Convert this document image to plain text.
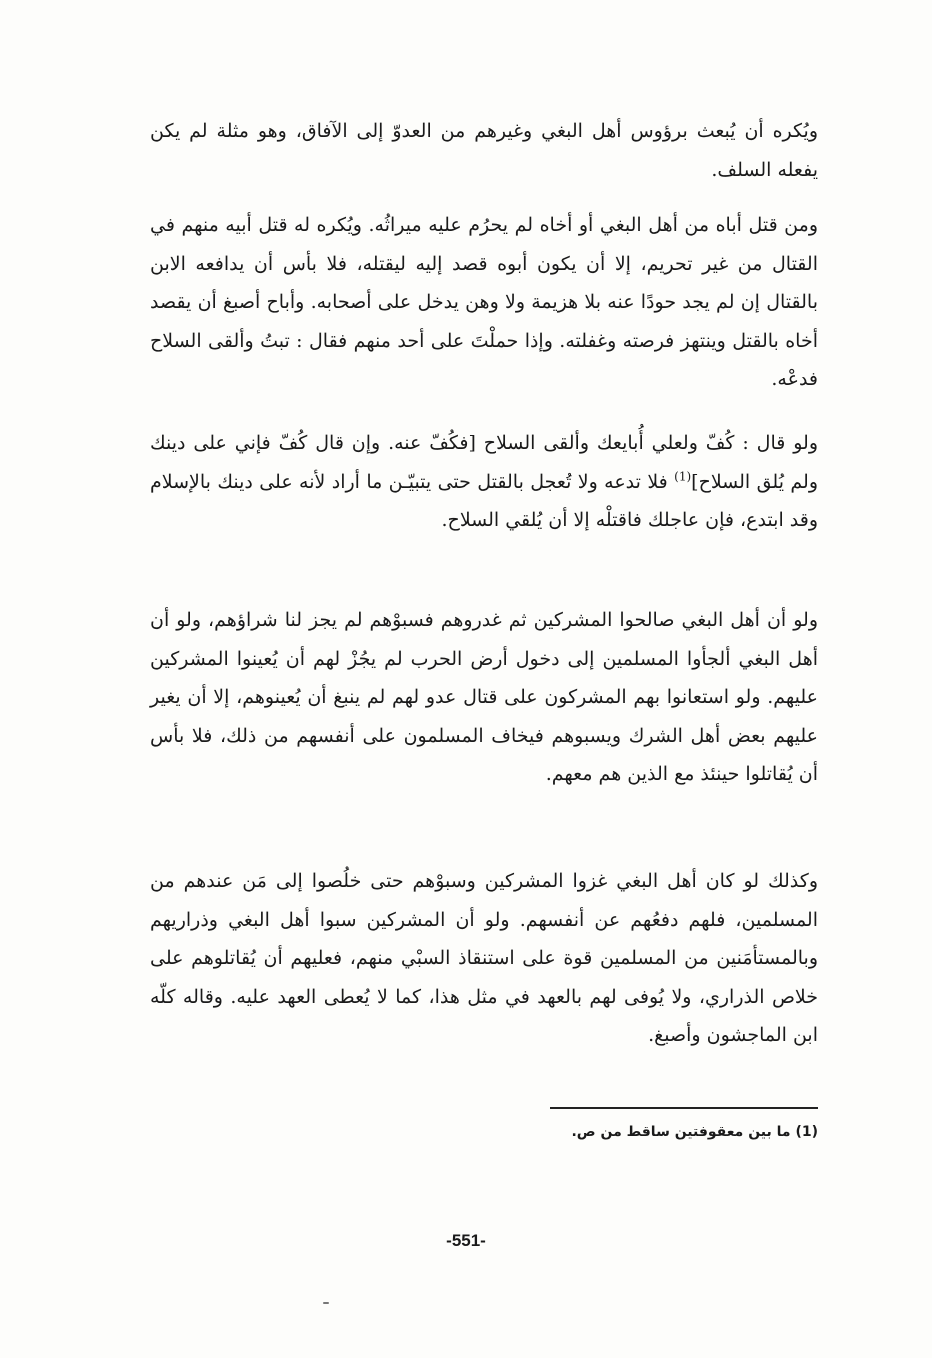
ويُكره أن يُبعث برؤوس أهل البغي وغيرهم من العدوّ إلى الآفاق، وهو مثلة لم يكن يفعله السلف.

ومن قتل أباه من أهل البغي أو أخاه لم يحرُم عليه ميراثُه. ويُكره له قتل أبيه منهم في القتال من غير تحريم، إلا أن يكون أبوه قصد إليه ليقتله، فلا بأس أن يدافعه الابن بالقتال إن لم يجد حودًا عنه بلا هزيمة ولا وهن يدخل على أصحابه. وأباح أصبغ أن يقصد أخاه بالقتل وينتهز فرصته وغفلته. وإذا حملْتَ على أحد منهم فقال : تبتُ وألقى السلاح فدعْه.

ولو قال : كُفّ ولعلي أُبايعك وألقى السلاح [فكُفّ عنه. وإن قال كُفّ فإني على دينك ولم يُلق السلاح]$^{(1)}$ فلا تدعه ولا تُعجل بالقتل حتى يتبيّـن ما أراد لأنه على دينك بالإسلام وقد ابتدع، فإن عاجلك فاقتلْه إلا أن يُلقي السلاح.

ولو أن أهل البغي صالحوا المشركين ثم غدروهم فسبوْهم لم يجز لنا شراؤهم، ولو أن أهل البغي ألجأوا المسلمين إلى دخول أرض الحرب لم يجُزْ لهم أن يُعينوا المشركين عليهم. ولو استعانوا بهم المشركون على قتال عدو لهم لم ينبغ أن يُعينوهم، إلا أن يغير عليهم بعض أهل الشرك ويسبوهم فيخاف المسلمون على أنفسهم من ذلك، فلا بأس أن يُقاتلوا حينئذ مع الذين هم معهم.

وكذلك لو كان أهل البغي غزوا المشركين وسبوْهم حتى خلُصوا إلى مَن عندهم من المسلمين، فلهم دفعُهم عن أنفسهم. ولو أن المشركين سبوا أهل البغي وذراريهم وبالمستأمَنين من المسلمين قوة على استنقاذ السبْي منهم، فعليهم أن يُقاتلوهم على خلاص الذراري، ولا يُوفى لهم بالعهد في مثل هذا، كما لا يُعطى العهد عليه. وقاله كلّه ابن الماجشون وأصبغ.

(1) ما بين معقوفتين ساقط من ص.
-551-
